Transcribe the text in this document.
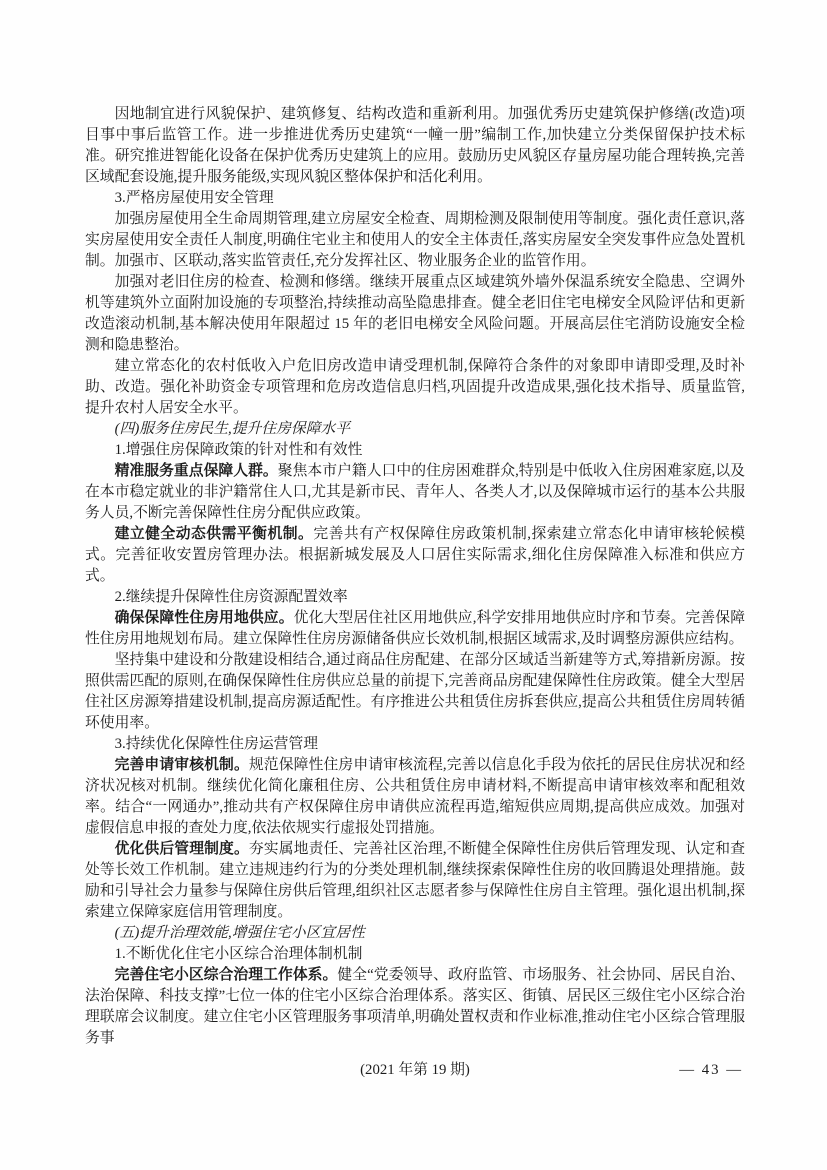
因地制宜进行风貌保护、建筑修复、结构改造和重新利用。加强优秀历史建筑保护修缮(改造)项目事中事后监管工作。进一步推进优秀历史建筑“一幢一册”编制工作,加快建立分类保留保护技术标准。研究推进智能化设备在保护优秀历史建筑上的应用。鼓励历史风貌区存量房屋功能合理转换,完善区域配套设施,提升服务能级,实现风貌区整体保护和活化利用。

3.严格房屋使用安全管理

加强房屋使用全生命周期管理,建立房屋安全检查、周期检测及限制使用等制度。强化责任意识,落实房屋使用安全责任人制度,明确住宅业主和使用人的安全主体责任,落实房屋安全突发事件应急处置机制。加强市、区联动,落实监管责任,充分发挥社区、物业服务企业的监管作用。

加强对老旧住房的检查、检测和修缮。继续开展重点区域建筑外墙外保温系统安全隐患、空调外机等建筑外立面附加设施的专项整治,持续推动高坠隐患排查。健全老旧住宅电梯安全风险评估和更新改造滚动机制,基本解决使用年限超过 15 年的老旧电梯安全风险问题。开展高层住宅消防设施安全检测和隐患整治。

建立常态化的农村低收入户危旧房改造申请受理机制,保障符合条件的对象即申请即受理,及时补助、改造。强化补助资金专项管理和危房改造信息归档,巩固提升改造成果,强化技术指导、质量监管,提升农村人居安全水平。

(四)服务住房民生,提升住房保障水平

1.增强住房保障政策的针对性和有效性

精准服务重点保障人群。聚焦本市户籍人口中的住房困难群众,特别是中低收入住房困难家庭,以及在本市稳定就业的非沪籍常住人口,尤其是新市民、青年人、各类人才,以及保障城市运行的基本公共服务人员,不断完善保障性住房分配供应政策。

建立健全动态供需平衡机制。完善共有产权保障住房政策机制,探索建立常态化申请审核轮候模式。完善征收安置房管理办法。根据新城发展及人口居住实际需求,细化住房保障准入标准和供应方式。

2.继续提升保障性住房资源配置效率

确保保障性住房用地供应。优化大型居住社区用地供应,科学安排用地供应时序和节奏。完善保障性住房用地规划布局。建立保障性住房房源储备供应长效机制,根据区域需求,及时调整房源供应结构。

坚持集中建设和分散建设相结合,通过商品住房配建、在部分区域适当新建等方式,筹措新房源。按照供需匹配的原则,在确保保障性住房供应总量的前提下,完善商品房配建保障性住房政策。健全大型居住社区房源筹措建设机制,提高房源适配性。有序推进公共租赁住房拆套供应,提高公共租赁住房周转循环使用率。

3.持续优化保障性住房运营管理

完善申请审核机制。规范保障性住房申请审核流程,完善以信息化手段为依托的居民住房状况和经济状况核对机制。继续优化简化廉租住房、公共租赁住房申请材料,不断提高申请审核效率和配租效率。结合“一网通办”,推动共有产权保障住房申请供应流程再造,缩短供应周期,提高供应成效。加强对虚假信息申报的查处力度,依法依规实行虚报处罚措施。

优化供后管理制度。夯实属地责任、完善社区治理,不断健全保障性住房供后管理发现、认定和查处等长效工作机制。建立违规违约行为的分类处理机制,继续探索保障性住房的收回腾退处理措施。鼓励和引导社会力量参与保障住房供后管理,组织社区志愿者参与保障性住房自主管理。强化退出机制,探索建立保障家庭信用管理制度。

(五)提升治理效能,增强住宅小区宜居性

1.不断优化住宅小区综合治理体制机制

完善住宅小区综合治理工作体系。健全“党委领导、政府监管、市场服务、社会协同、居民自治、法治保障、科技支撑”七位一体的住宅小区综合治理体系。落实区、街镇、居民区三级住宅小区综合治理联席会议制度。建立住宅小区管理服务事项清单,明确处置权责和作业标准,推动住宅小区综合管理服务事

(2021 年第 19 期)	— 43 —
